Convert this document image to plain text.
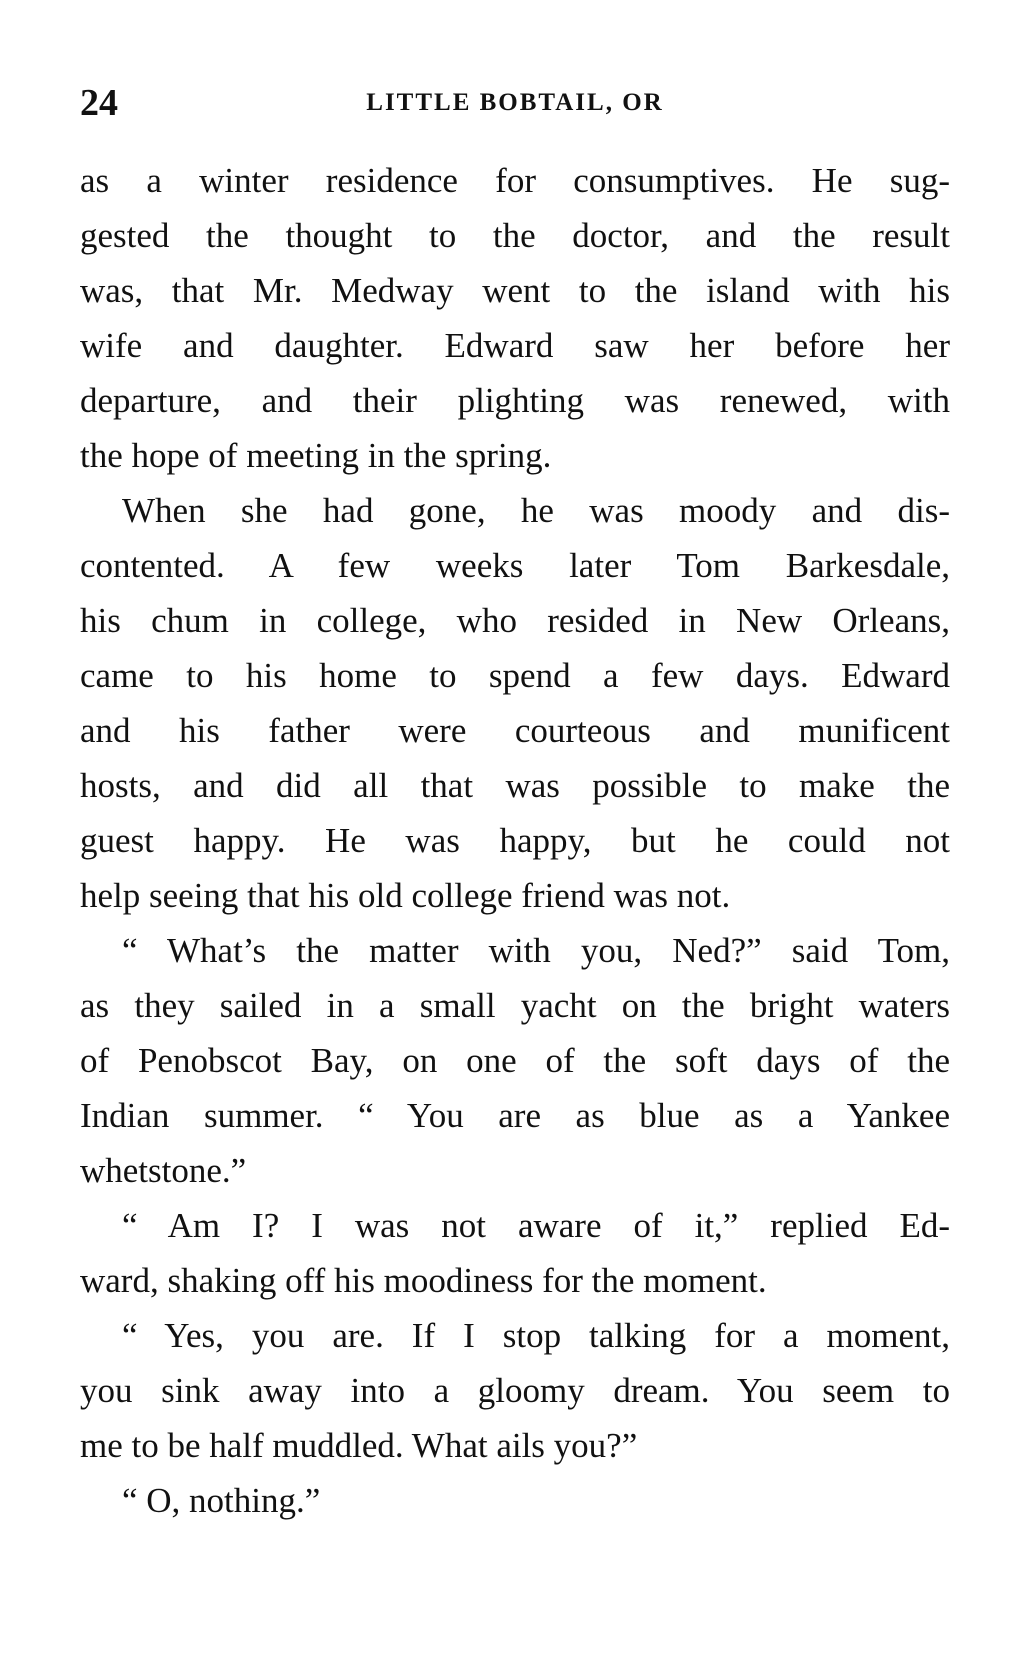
24	LITTLE BOBTAIL, OR
as a winter residence for consumptives. He sug-
gested the thought to the doctor, and the result
was, that Mr. Medway went to the island with his
wife and daughter. Edward saw her before her
departure, and their plighting was renewed, with
the hope of meeting in the spring.
When she had gone, he was moody and dis-
contented. A few weeks later Tom Barkesdale,
his chum in college, who resided in New Orleans,
came to his home to spend a few days. Edward
and his father were courteous and munificent
hosts, and did all that was possible to make the
guest happy. He was happy, but he could not
help seeing that his old college friend was not.
“ What’s the matter with you, Ned?” said Tom,
as they sailed in a small yacht on the bright waters
of Penobscot Bay, on one of the soft days of the
Indian summer. “ You are as blue as a Yankee
whetstone.”
“ Am I? I was not aware of it,” replied Ed-
ward, shaking off his moodiness for the moment.
“ Yes, you are. If I stop talking for a moment,
you sink away into a gloomy dream. You seem to
me to be half muddled. What ails you?”
“ O, nothing.”
